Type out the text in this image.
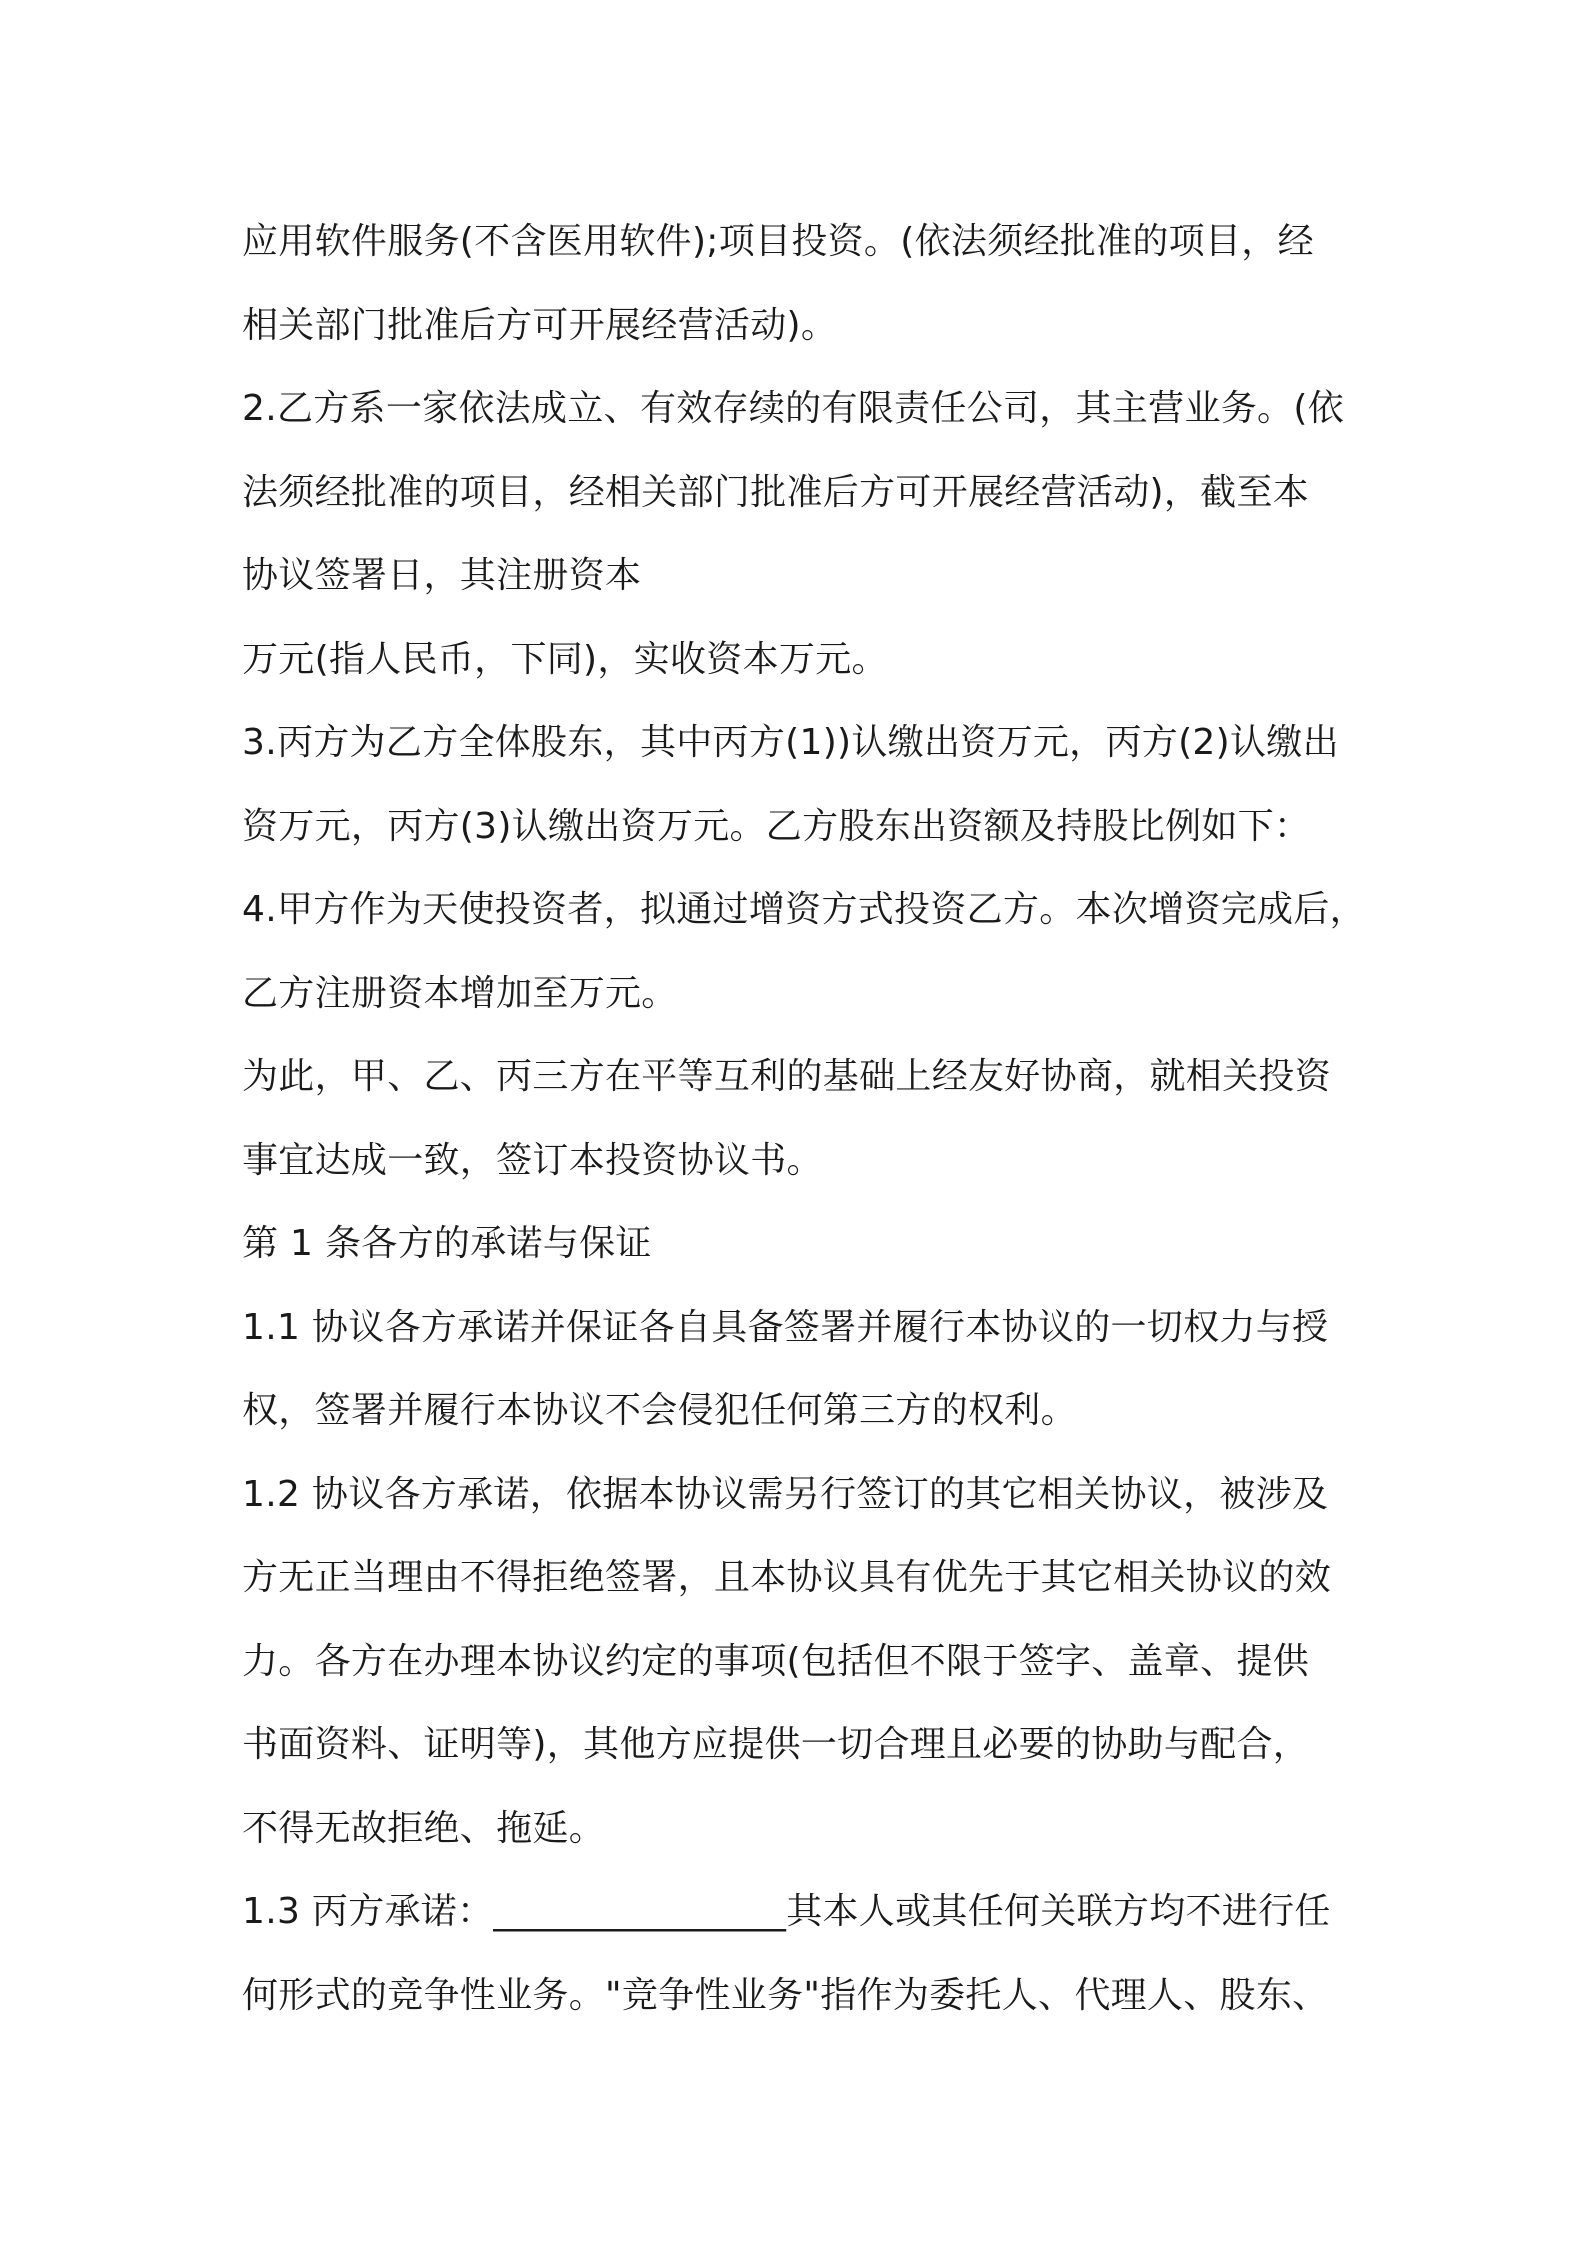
应用软件服务(不含医用软件);项目投资。(依法须经批准的项目，经
相关部门批准后方可开展经营活动)。
2.乙方系一家依法成立、有效存续的有限责任公司，其主营业务。(依
法须经批准的项目，经相关部门批准后方可开展经营活动)，截至本
协议签署日，其注册资本
万元(指人民币，下同)，实收资本万元。
3.丙方为乙方全体股东，其中丙方(1))认缴出资万元，丙方(2)认缴出
资万元，丙方(3)认缴出资万元。乙方股东出资额及持股比例如下：
4.甲方作为天使投资者，拟通过增资方式投资乙方。本次增资完成后，
乙方注册资本增加至万元。
为此，甲、乙、丙三方在平等互利的基础上经友好协商，就相关投资
事宜达成一致，签订本投资协议书。
第 1 条各方的承诺与保证
1.1 协议各方承诺并保证各自具备签署并履行本协议的一切权力与授
权，签署并履行本协议不会侵犯任何第三方的权利。
1.2 协议各方承诺，依据本协议需另行签订的其它相关协议，被涉及
方无正当理由不得拒绝签署，且本协议具有优先于其它相关协议的效
力。各方在办理本协议约定的事项(包括但不限于签字、盖章、提供
书面资料、证明等)，其他方应提供一切合理且必要的协助与配合，
不得无故拒绝、拖延。
1.3 丙方承诺：________________其本人或其任何关联方均不进行任
何形式的竞争性业务。"竞争性业务"指作为委托人、代理人、股东、
